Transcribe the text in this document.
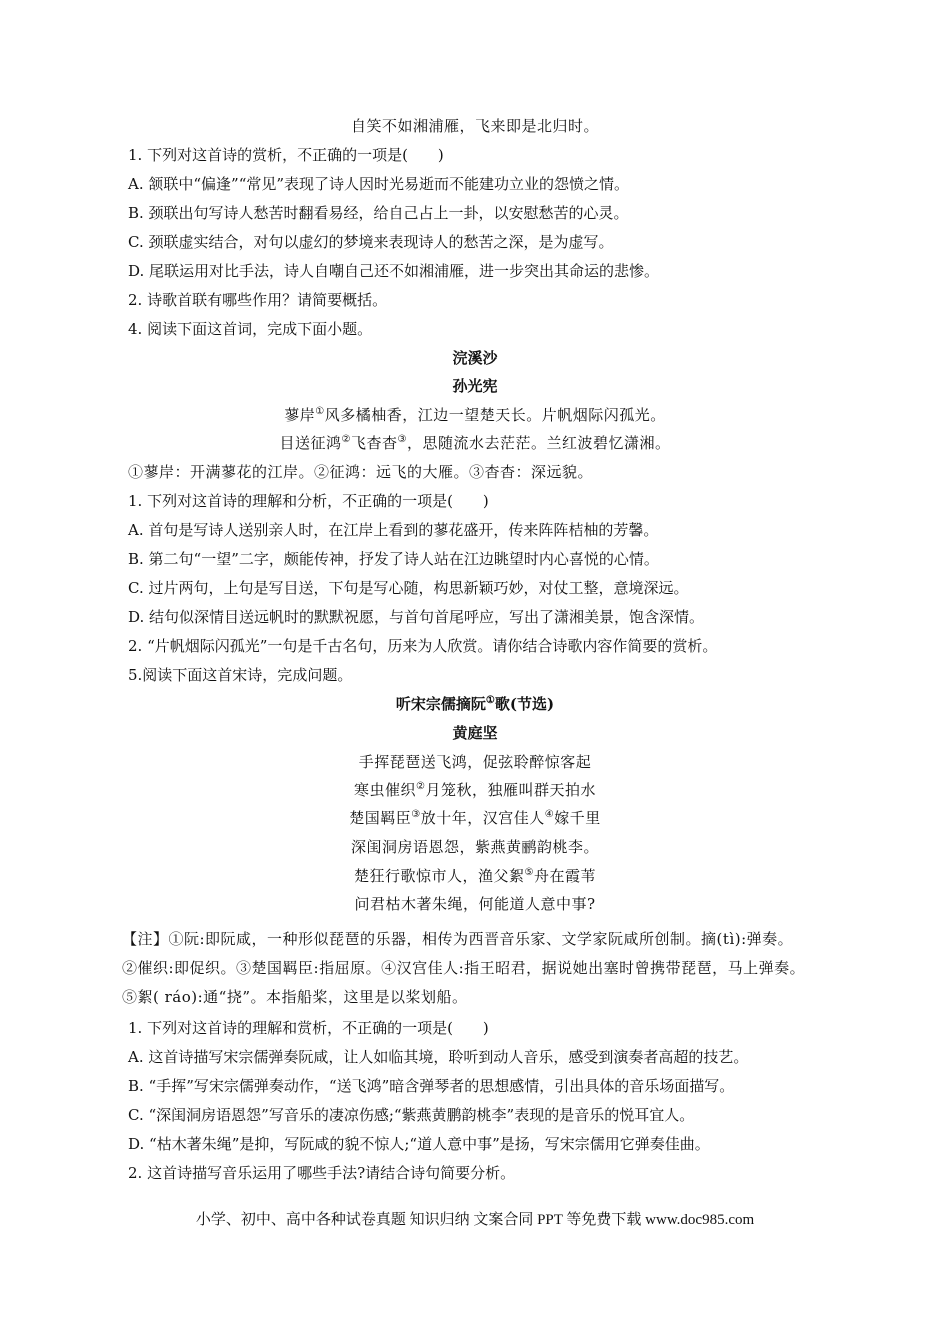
自笑不如湘浦雁，飞来即是北归时。
1. 下列对这首诗的赏析，不正确的一项是(　　)
A. 颔联中“偏逢”“常见”表现了诗人因时光易逝而不能建功立业的怨愤之情。
B. 颈联出句写诗人愁苦时翻看易经，给自己占上一卦，以安慰愁苦的心灵。
C. 颈联虚实结合，对句以虚幻的梦境来表现诗人的愁苦之深，是为虚写。
D. 尾联运用对比手法，诗人自嘲自己还不如湘浦雁，进一步突出其命运的悲惨。
2. 诗歌首联有哪些作用？请简要概括。
4. 阅读下面这首词，完成下面小题。
浣溪沙
孙光宪
蓼岸①风多橘柚香，江边一望楚天长。片帆烟际闪孤光。
目送征鸿②飞杳杳③，思随流水去茫茫。兰红波碧忆潇湘。
①蓼岸：开满蓼花的江岸。②征鸿：远飞的大雁。③杳杳：深远貌。
1. 下列对这首诗的理解和分析，不正确的一项是(　　)
A. 首句是写诗人送别亲人时，在江岸上看到的蓼花盛开，传来阵阵桔柚的芳馨。
B. 第二句“一望”二字，颇能传神，抒发了诗人站在江边眺望时内心喜悦的心情。
C. 过片两句，上句是写目送，下句是写心随，构思新颖巧妙，对仗工整，意境深远。
D. 结句似深情目送远帆时的默默祝愿，与首句首尾呼应，写出了潇湘美景，饱含深情。
2. “片帆烟际闪孤光”一句是千古名句，历来为人欣赏。请你结合诗歌内容作简要的赏析。
5.阅读下面这首宋诗，完成问题。
听宋宗儒摘阮①歌(节选)
黄庭坚
手挥琵琶送飞鸿，促弦聆醉惊客起
寒虫催织②月笼秋，独雁叫群天拍水
楚国羁臣③放十年，汉宫佳人④嫁千里
深闺洞房语恩怨，紫燕黄鹂韵桃李。
楚狂行歌惊市人，渔父絮⑤舟在霞苇
问君枯木著朱绳，何能道人意中事?
【注】①阮:即阮咸，一种形似琵琶的乐器，相传为西晋音乐家、文学家阮咸所创制。摘(tì):弹奏。
②催织:即促织。③楚国羁臣:指屈原。④汉宫佳人:指王昭君，据说她出塞时曾携带琵琶，马上弹奏。
⑤絮( ráo):通“挠”。本指船桨，这里是以桨划船。
1. 下列对这首诗的理解和赏析，不正确的一项是(　　)
A. 这首诗描写宋宗儒弹奏阮咸，让人如临其境，聆听到动人音乐，感受到演奏者高超的技艺。
B. “手挥”写宋宗儒弹奏动作，“送飞鸿”暗含弹琴者的思想感情，引出具体的音乐场面描写。
C. “深闺洞房语恩怨”写音乐的凄凉伤感;“紫燕黄鹏韵桃李”表现的是音乐的悦耳宜人。
D. “枯木著朱绳”是抑，写阮咸的貌不惊人;“道人意中事”是扬，写宋宗儒用它弹奏佳曲。
2. 这首诗描写音乐运用了哪些手法?请结合诗句简要分析。
小学、初中、高中各种试卷真题 知识归纳 文案合同 PPT 等免费下载 www.doc985.com
